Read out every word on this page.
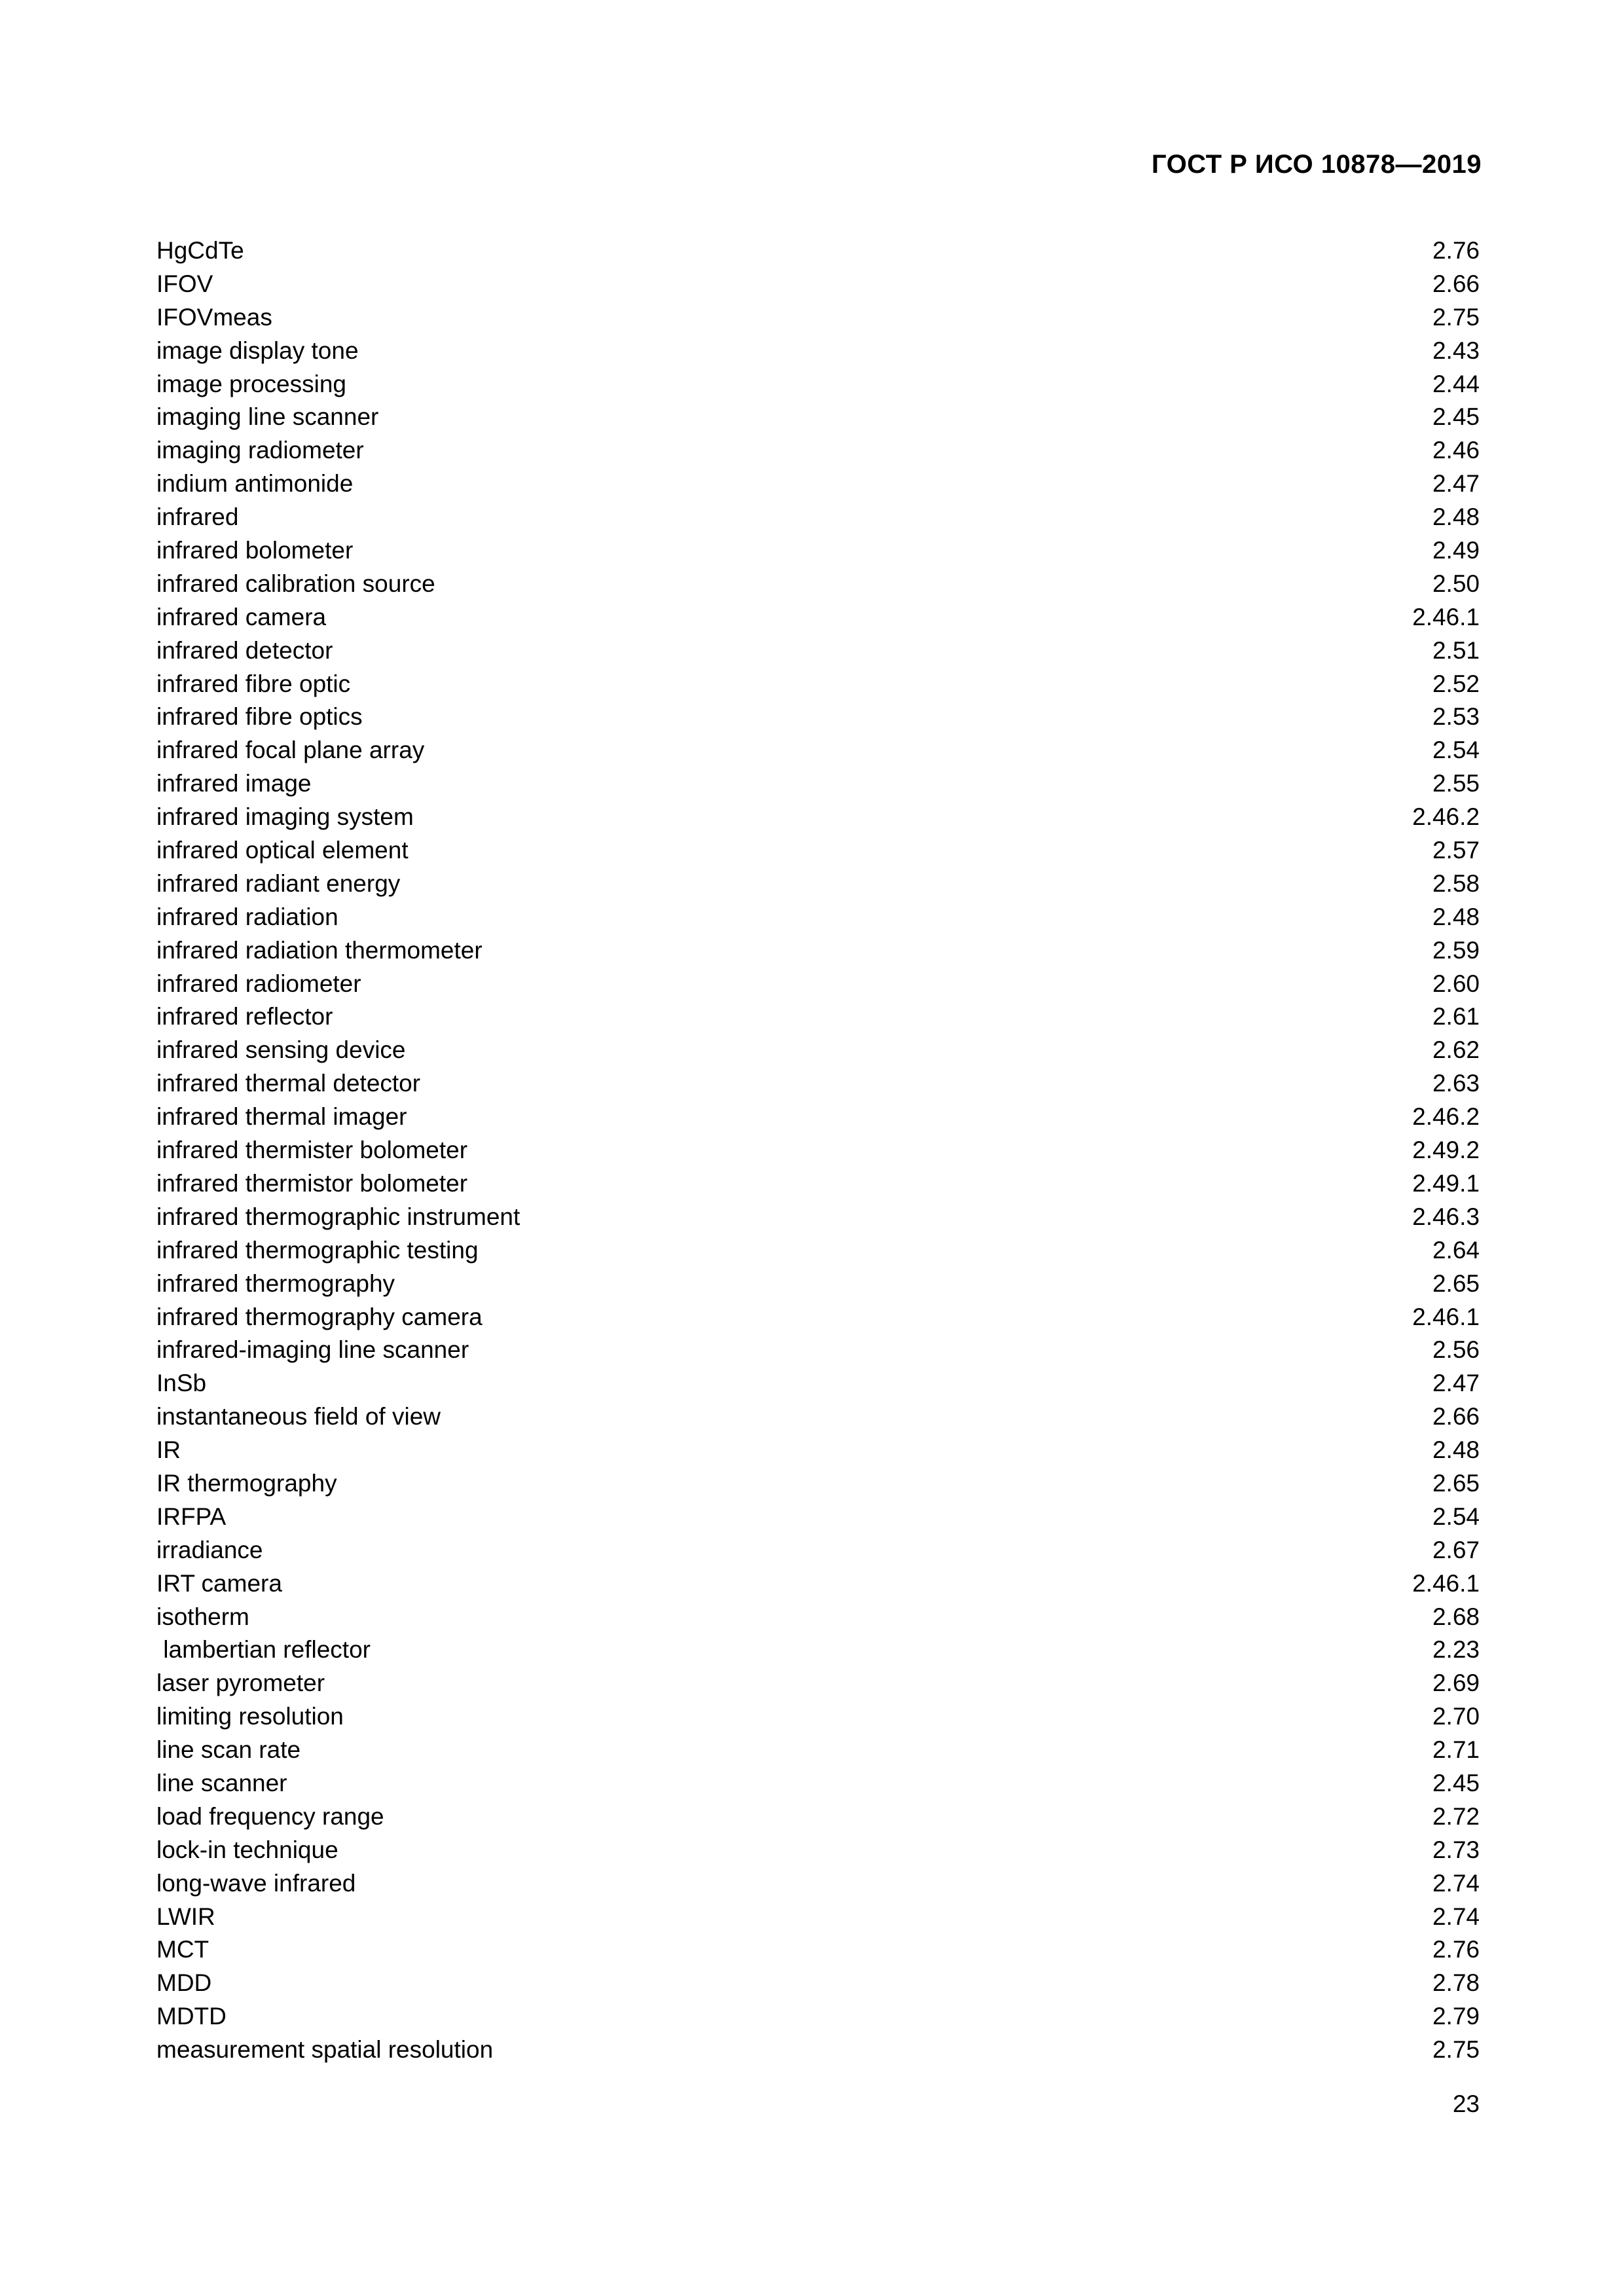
ГОСТ Р ИСО 10878—2019
HgCdTe	2.76
IFOV	2.66
IFOVmeas	2.75
image display tone	2.43
image processing	2.44
imaging line scanner	2.45
imaging radiometer	2.46
indium antimonide	2.47
infrared	2.48
infrared bolometer	2.49
infrared calibration source	2.50
infrared camera	2.46.1
infrared detector	2.51
infrared fibre optic	2.52
infrared fibre optics	2.53
infrared focal plane array	2.54
infrared image	2.55
infrared imaging system	2.46.2
infrared optical element	2.57
infrared radiant energy	2.58
infrared radiation	2.48
infrared radiation thermometer	2.59
infrared radiometer	2.60
infrared reflector	2.61
infrared sensing device	2.62
infrared thermal detector	2.63
infrared thermal imager	2.46.2
infrared thermister bolometer	2.49.2
infrared thermistor bolometer	2.49.1
infrared thermographic instrument	2.46.3
infrared thermographic testing	2.64
infrared thermography	2.65
infrared thermography camera	2.46.1
infrared-imaging line scanner	2.56
InSb	2.47
instantaneous field of view	2.66
IR	2.48
IR thermography	2.65
IRFPA	2.54
irradiance	2.67
IRT camera	2.46.1
isotherm	2.68
lambertian reflector	2.23
laser pyrometer	2.69
limiting resolution	2.70
line scan rate	2.71
line scanner	2.45
load frequency range	2.72
lock-in technique	2.73
long-wave infrared	2.74
LWIR	2.74
MCT	2.76
MDD	2.78
MDTD	2.79
measurement spatial resolution	2.75
23
